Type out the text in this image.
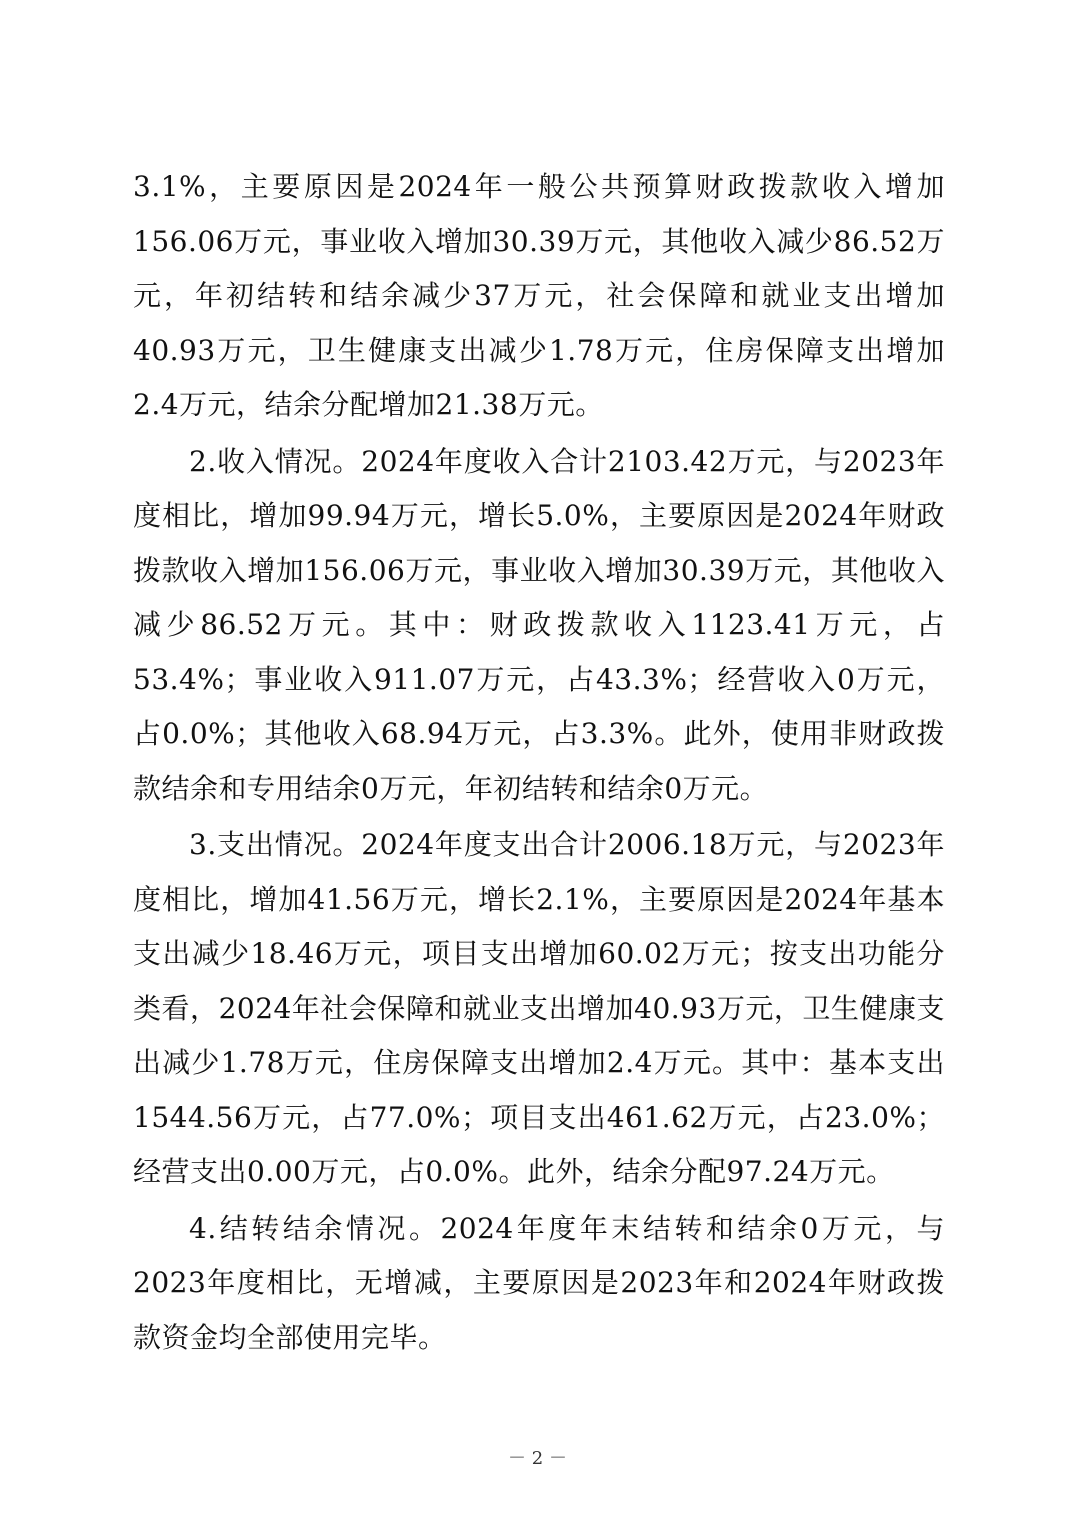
3.1%，主要原因是2024年一般公共预算财政拨款收入增加156.06万元，事业收入增加30.39万元，其他收入减少86.52万元，年初结转和结余减少37万元，社会保障和就业支出增加40.93万元，卫生健康支出减少1.78万元，住房保障支出增加2.4万元，结余分配增加21.38万元。

2.收入情况。2024年度收入合计2103.42万元，与2023年度相比，增加99.94万元，增长5.0%，主要原因是2024年财政拨款收入增加156.06万元，事业收入增加30.39万元，其他收入减少86.52万元。其中：财政拨款收入1123.41万元，占53.4%；事业收入911.07万元，占43.3%；经营收入0万元，占0.0%；其他收入68.94万元，占3.3%。此外，使用非财政拨款结余和专用结余0万元，年初结转和结余0万元。

3.支出情况。2024年度支出合计2006.18万元，与2023年度相比，增加41.56万元，增长2.1%，主要原因是2024年基本支出减少18.46万元，项目支出增加60.02万元；按支出功能分类看，2024年社会保障和就业支出增加40.93万元，卫生健康支出减少1.78万元，住房保障支出增加2.4万元。其中：基本支出1544.56万元，占77.0%；项目支出461.62万元，占23.0%；经营支出0.00万元，占0.0%。此外，结余分配97.24万元。

4.结转结余情况。2024年度年末结转和结余0万元，与2023年度相比，无增减，主要原因是2023年和2024年财政拨款资金均全部使用完毕。

－ 2 －
